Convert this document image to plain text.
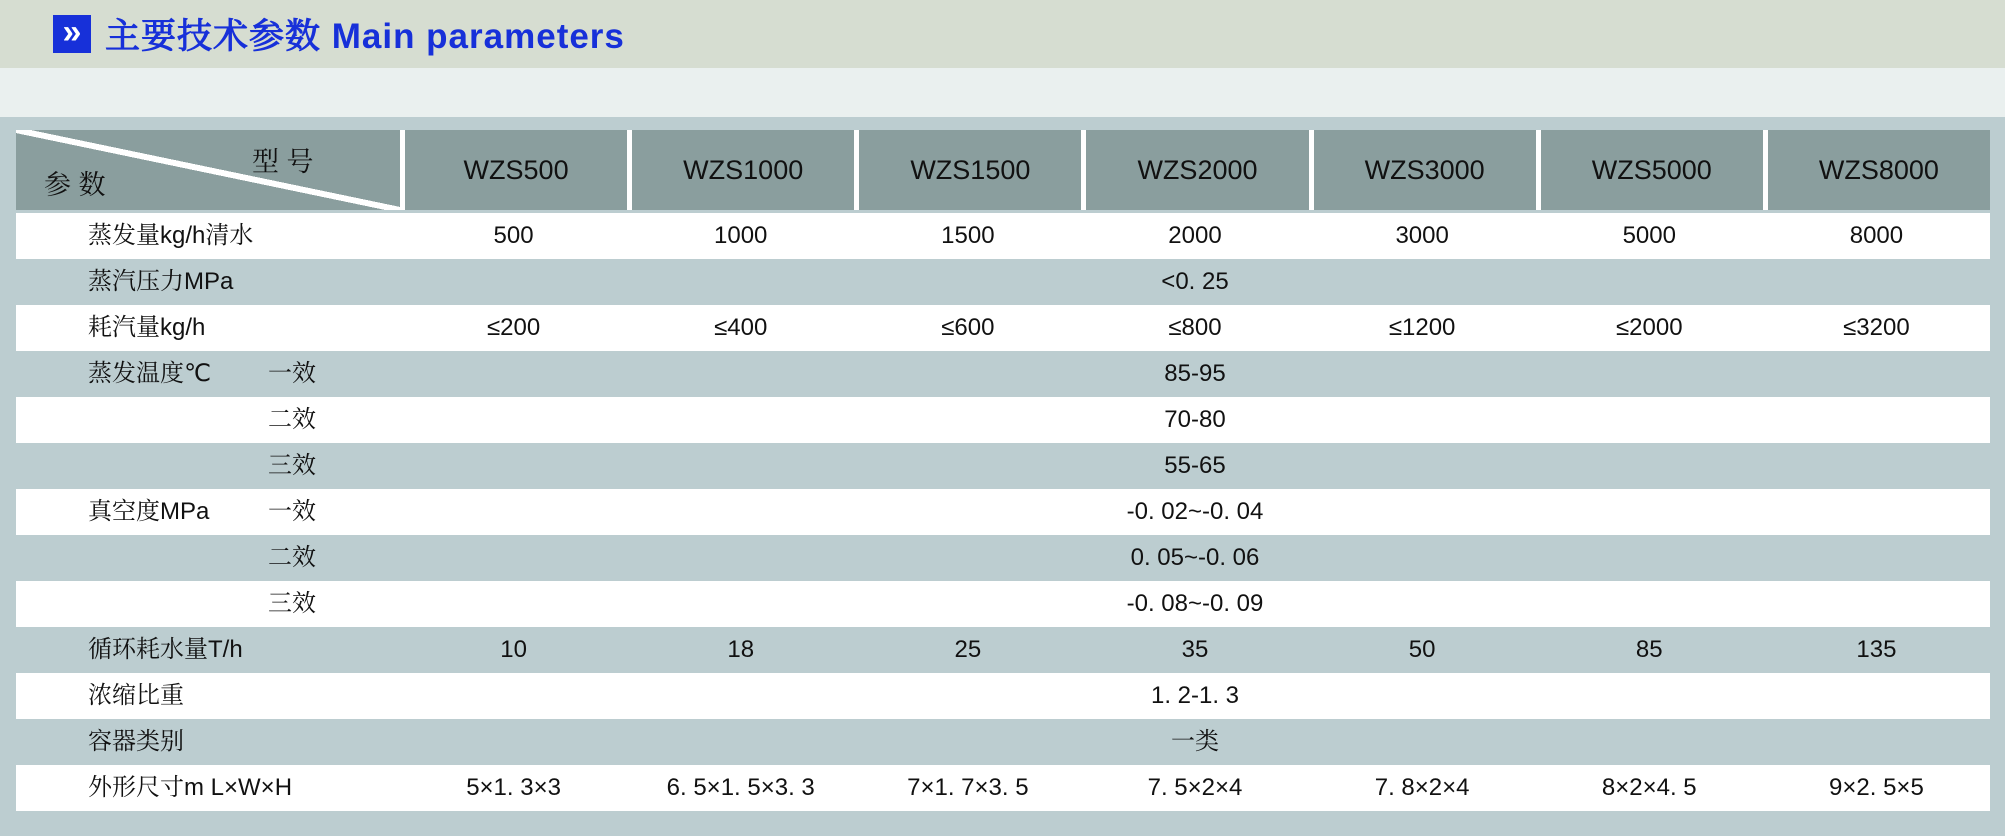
» 主要技术参数 Main parameters
型 号
参 数
WZS500	WZS1000	WZS1500	WZS2000	WZS3000	WZS5000	WZS8000
蒸发量kg/h清水	500	1000	1500	2000	3000	5000	8000
蒸汽压力MPa	<0. 25
耗汽量kg/h	≤200	≤400	≤600	≤800	≤1200	≤2000	≤3200
蒸发温度℃	一效	85-95
二效	70-80
三效	55-65
真空度MPa	一效	-0. 02~-0. 04
二效	0. 05~-0. 06
三效	-0. 08~-0. 09
循环耗水量T/h	10	18	25	35	50	85	135
浓缩比重	1. 2-1. 3
容器类别	一类
外形尺寸m L×W×H	5×1. 3×3	6. 5×1. 5×3. 3	7×1. 7×3. 5	7. 5×2×4	7. 8×2×4	8×2×4. 5	9×2. 5×5
